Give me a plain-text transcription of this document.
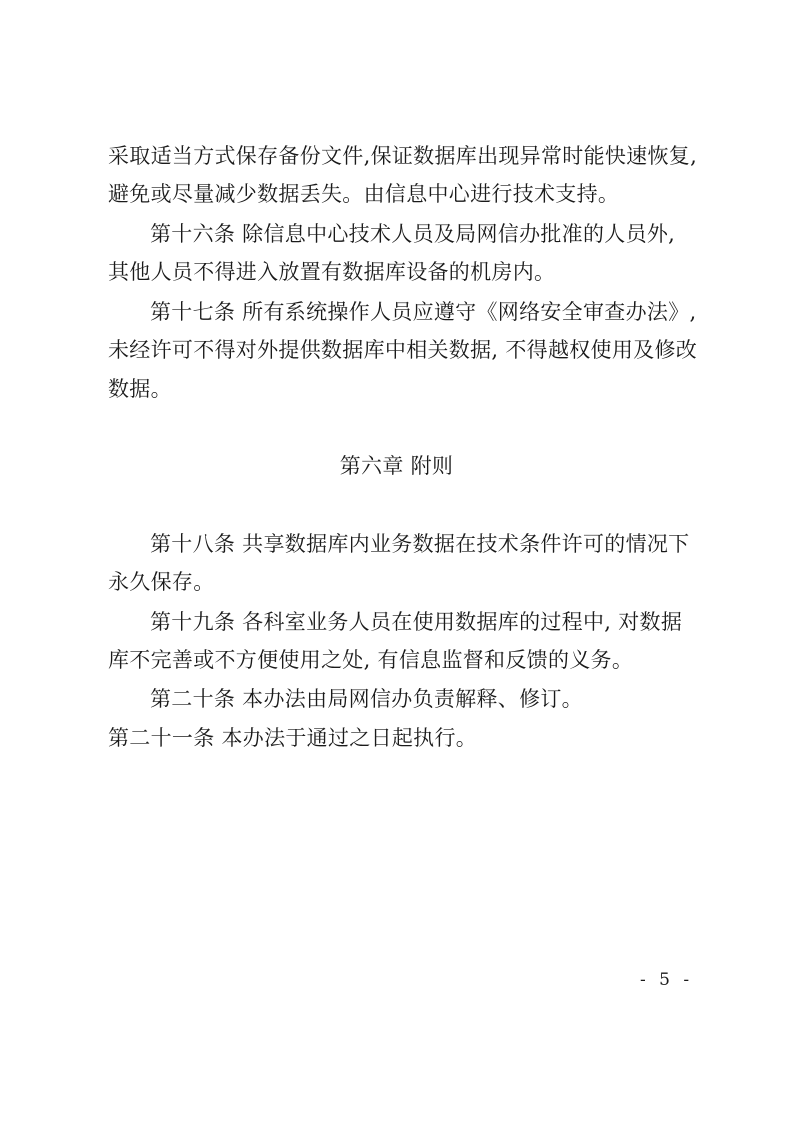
采取适当方式保存备份文件,保证数据库出现异常时能快速恢复,
避免或尽量减少数据丢失。由信息中心进行技术支持。
第十六条 除信息中心技术人员及局网信办批准的人员外,
其他人员不得进入放置有数据库设备的机房内。
第十七条 所有系统操作人员应遵守《网络安全审查办法》,
未经许可不得对外提供数据库中相关数据, 不得越权使用及修改
数据。
第六章 附则
第十八条 共享数据库内业务数据在技术条件许可的情况下
永久保存。
第十九条 各科室业务人员在使用数据库的过程中, 对数据
库不完善或不方便使用之处, 有信息监督和反馈的义务。
第二十条 本办法由局网信办负责解释、修订。
第二十一条 本办法于通过之日起执行。
- 5 -
